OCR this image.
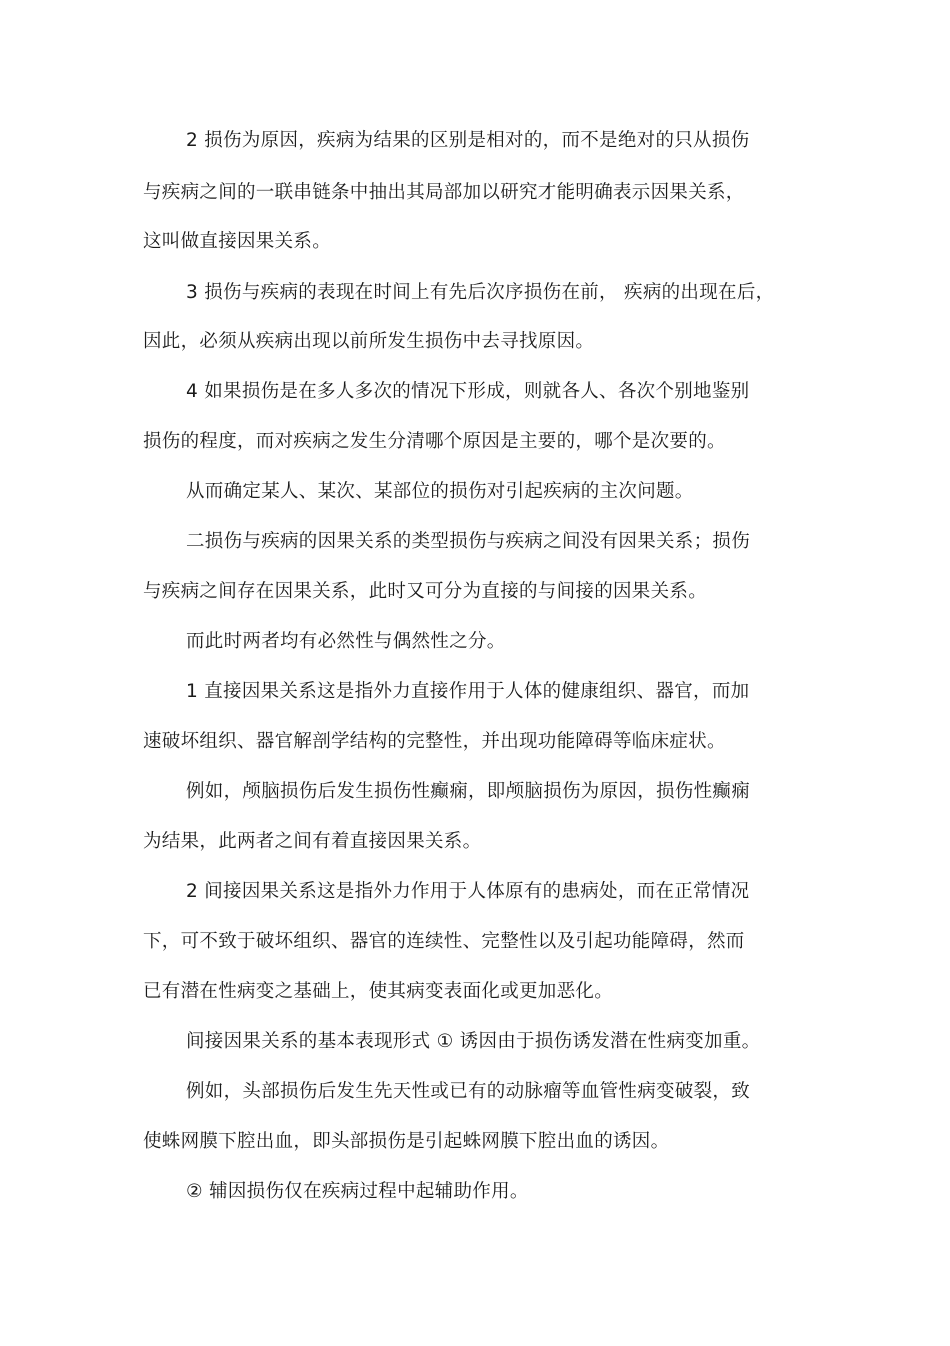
2 损伤为原因，疾病为结果的区别是相对的，而不是绝对的只从损伤
与疾病之间的一联串链条中抽出其局部加以研究才能明确表示因果关系，
这叫做直接因果关系。
3 损伤与疾病的表现在时间上有先后次序损伤在前， 疾病的出现在后，
因此，必须从疾病出现以前所发生损伤中去寻找原因。
4 如果损伤是在多人多次的情况下形成，则就各人、各次个别地鉴别
损伤的程度，而对疾病之发生分清哪个原因是主要的，哪个是次要的。
从而确定某人、某次、某部位的损伤对引起疾病的主次问题。
二损伤与疾病的因果关系的类型损伤与疾病之间没有因果关系；损伤
与疾病之间存在因果关系，此时又可分为直接的与间接的因果关系。
而此时两者均有必然性与偶然性之分。
1 直接因果关系这是指外力直接作用于人体的健康组织、器官，而加
速破坏组织、器官解剖学结构的完整性，并出现功能障碍等临床症状。
例如，颅脑损伤后发生损伤性癫痫，即颅脑损伤为原因，损伤性癫痫
为结果，此两者之间有着直接因果关系。
2 间接因果关系这是指外力作用于人体原有的患病处，而在正常情况
下，可不致于破坏组织、器官的连续性、完整性以及引起功能障碍，然而
已有潜在性病变之基础上，使其病变表面化或更加恶化。
间接因果关系的基本表现形式 ① 诱因由于损伤诱发潜在性病变加重。
例如，头部损伤后发生先天性或已有的动脉瘤等血管性病变破裂，致
使蛛网膜下腔出血，即头部损伤是引起蛛网膜下腔出血的诱因。
② 辅因损伤仅在疾病过程中起辅助作用。
